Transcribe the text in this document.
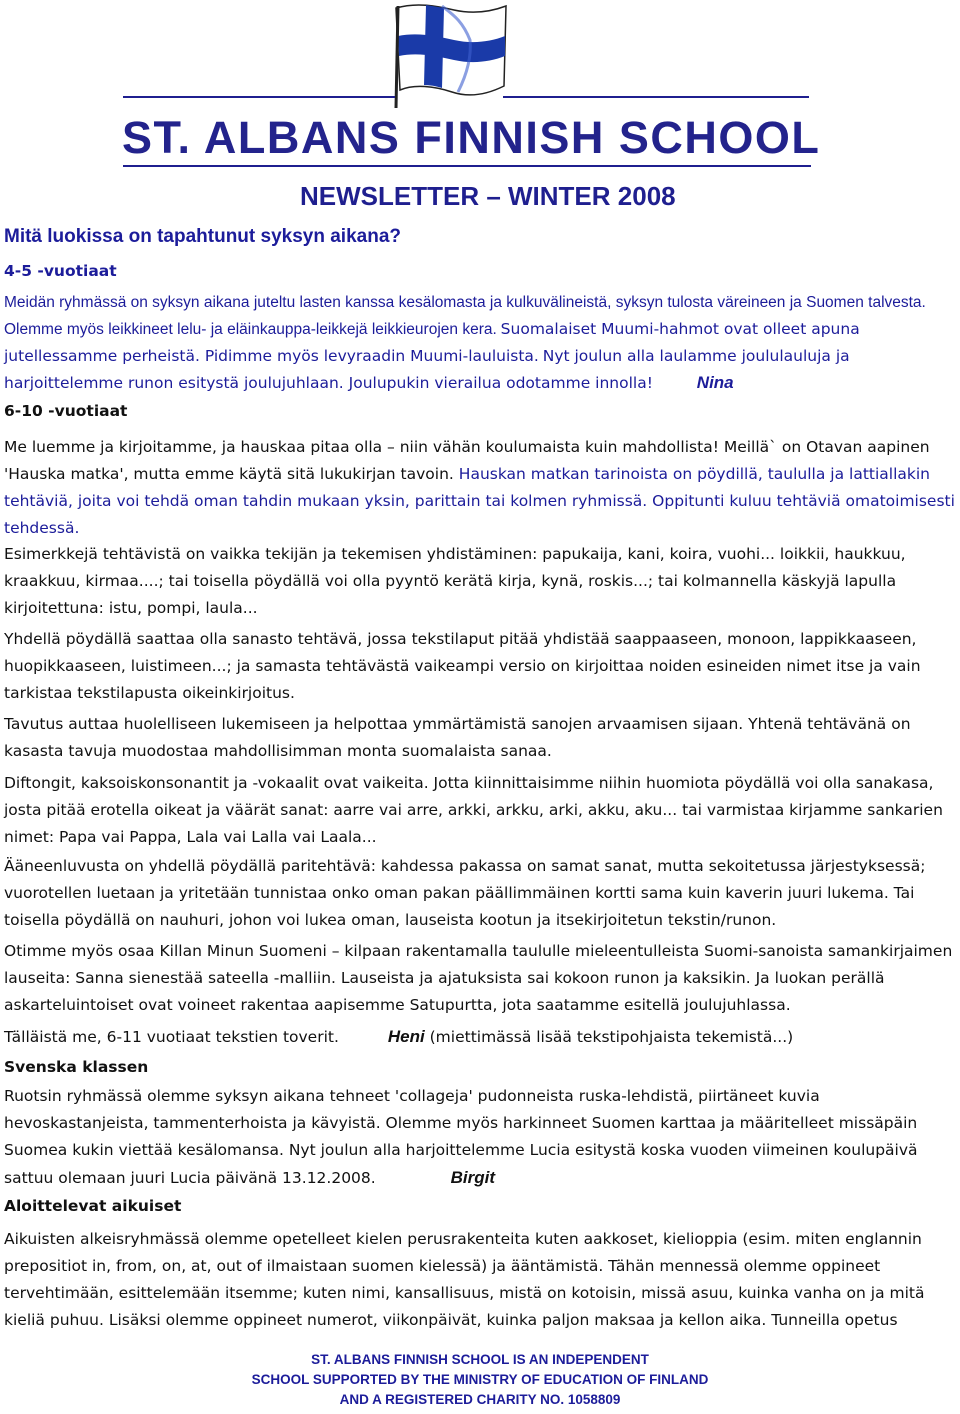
ST. ALBANS FINNISH SCHOOL
NEWSLETTER – WINTER 2008
Mitä luokissa on tapahtunut syksyn aikana?
4-5 -vuotiaat
Meidän ryhmässä on syksyn aikana juteltu lasten kanssa kesälomasta ja kulkuvälineistä, syksyn tulosta väreineen ja Suomen talvesta. Olemme myös leikkineet lelu- ja eläinkauppa-leikkejä leikkieurojen kera. Suomalaiset Muumi-hahmot ovat olleet apuna jutellessamme perheistä. Pidimme myös levyraadin Muumi-lauluista. Nyt joulun alla laulamme joululauluja ja harjoittelemme runon esitystä joulujuhlaan. Joulupukin vierailua odotamme innolla!	Nina
6-10 -vuotiaat
Me luemme ja kirjoitamme, ja hauskaa pitaa olla – niin vähän koulumaista kuin mahdollista! Meillä` on Otavan aapinen 'Hauska matka', mutta emme käytä sitä lukukirjan tavoin. Hauskan matkan tarinoista on pöydillä, taululla ja lattiallakin tehtäviä, joita voi tehdä oman tahdin mukaan yksin, parittain tai kolmen ryhmissä. Oppitunti kuluu tehtäviä omatoimisesti tehdessä.
Esimerkkejä tehtävistä on vaikka tekijän ja tekemisen yhdistäminen: papukaija, kani, koira, vuohi... loikkii, haukkuu, kraakkuu, kirmaa....; tai toisella pöydällä voi olla pyyntö kerätä kirja, kynä, roskis...; tai kolmannella käskyjä lapulla kirjoitettuna: istu, pompi, laula...
Yhdellä pöydällä saattaa olla sanasto tehtävä, jossa tekstilaput pitää yhdistää saappaaseen, monoon, lappikkaaseen, huopikkaaseen, luistimeen...; ja samasta tehtävästä vaikeampi versio on kirjoittaa noiden esineiden nimet itse ja vain tarkistaa tekstilapusta oikeinkirjoitus.
Tavutus auttaa huolelliseen lukemiseen ja helpottaa ymmärtämistä sanojen arvaamisen sijaan. Yhtenä tehtävänä on kasasta tavuja muodostaa mahdollisimman monta suomalaista sanaa.
Diftongit, kaksoiskonsonantit ja -vokaalit ovat vaikeita. Jotta kiinnittaisimme niihin huomiota pöydällä voi olla sanakasa, josta pitää erotella oikeat ja väärät sanat: aarre vai arre, arkki, arkku, arki, akku, aku... tai varmistaa kirjamme sankarien nimet: Papa vai Pappa, Lala vai Lalla vai Laala...
Ääneenluvusta on yhdellä pöydällä paritehtävä: kahdessa pakassa on samat sanat, mutta sekoitetussa järjestyksessä; vuorotellen luetaan ja yritetään tunnistaa onko oman pakan päällimmäinen kortti sama kuin kaverin juuri lukema. Tai toisella pöydällä on nauhuri, johon voi lukea oman, lauseista kootun ja itsekirjoitetun tekstin/runon.
Otimme myös osaa Killan Minun Suomeni – kilpaan rakentamalla taululle mieleentulleista Suomi-sanoista samankirjaimen lauseita: Sanna sienestää sateella -malliin. Lauseista ja ajatuksista sai kokoon runon ja kaksikin. Ja luokan perällä askarteluintoiset ovat voineet rakentaa aapisemme Satupurtta, jota saatamme esitellä joulujuhlassa.
Tälläistä me, 6-11 vuotiaat tekstien toverit.	Heni (miettimässä lisää tekstipohjaista tekemistä...)
Svenska klassen
Ruotsin ryhmässä olemme syksyn aikana tehneet 'collageja' pudonneista ruska-lehdistä, piirtäneet kuvia hevoskastanjeista, tammenterhoista ja kävyistä. Olemme myös harkinneet Suomen karttaa ja määritelleet missäpäin Suomea kukin viettää kesälomansa. Nyt joulun alla harjoittelemme Lucia esitystä koska vuoden viimeinen koulupäivä sattuu olemaan juuri Lucia päivänä 13.12.2008.	Birgit
Aloittelevat aikuiset
Aikuisten alkeisryhmässä olemme opetelleet kielen perusrakenteita kuten aakkoset, kielioppia (esim. miten englannin prepositiot in, from, on, at, out of ilmaistaan suomen kielessä) ja ääntämistä. Tähän mennessä olemme oppineet tervehtimään, esittelemään itsemme; kuten nimi, kansallisuus, mistä on kotoisin, missä asuu, kuinka vanha on ja mitä kieliä puhuu. Lisäksi olemme oppineet numerot, viikonpäivät, kuinka paljon maksaa ja kellon aika. Tunneilla opetus
ST. ALBANS FINNISH SCHOOL IS AN INDEPENDENT
SCHOOL SUPPORTED BY THE MINISTRY OF EDUCATION OF FINLAND
AND A REGISTERED CHARITY NO. 1058809
